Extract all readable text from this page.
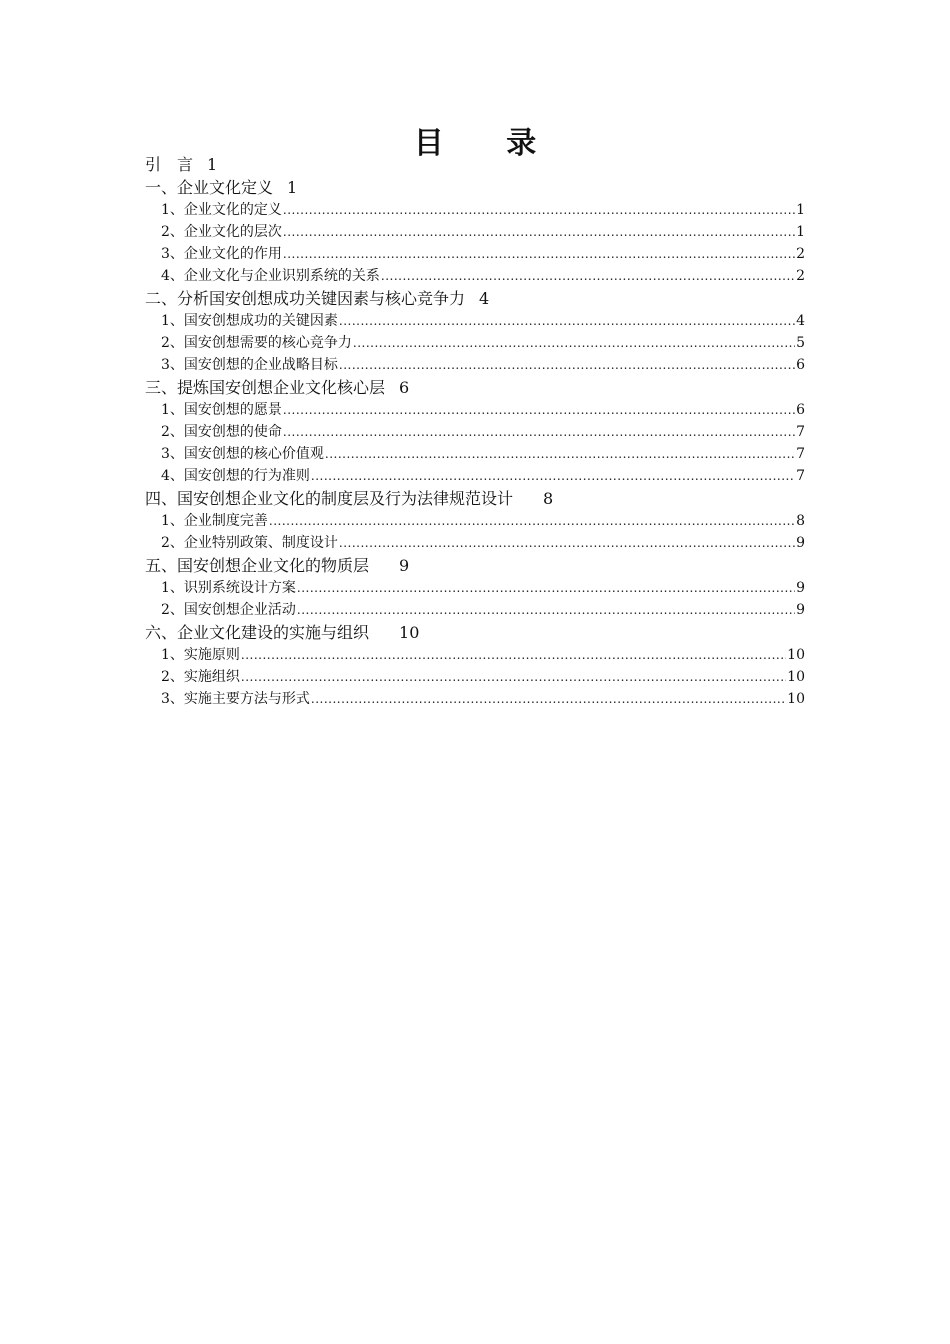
目 录
引　言 1
一、企业文化定义 1
1、企业文化的定义 .....	1
2、企业文化的层次 .....	1
3、企业文化的作用 .....	2
4、企业文化与企业识别系统的关系 .....	2
二、分析国安创想成功关键因素与核心竞争力 4
1、国安创想成功的关键因素 .....	4
2、国安创想需要的核心竞争力 .....	5
3、国安创想的企业战略目标 .....	6
三、提炼国安创想企业文化核心层 6
1、国安创想的愿景 .....	6
2、国安创想的使命 .....	7
3、国安创想的核心价值观 .....	7
4、国安创想的行为准则 .....	7
四、国安创想企业文化的制度层及行为法律规范设计 8
1、企业制度完善 .....	8
2、企业特别政策、制度设计 .....	9
五、国安创想企业文化的物质层 9
1、识别系统设计方案 .....	9
2、国安创想企业活动 .....	9
六、企业文化建设的实施与组织 10
1、实施原则 .....	10
2、实施组织 .....	10
3、实施主要方法与形式 .....	10
